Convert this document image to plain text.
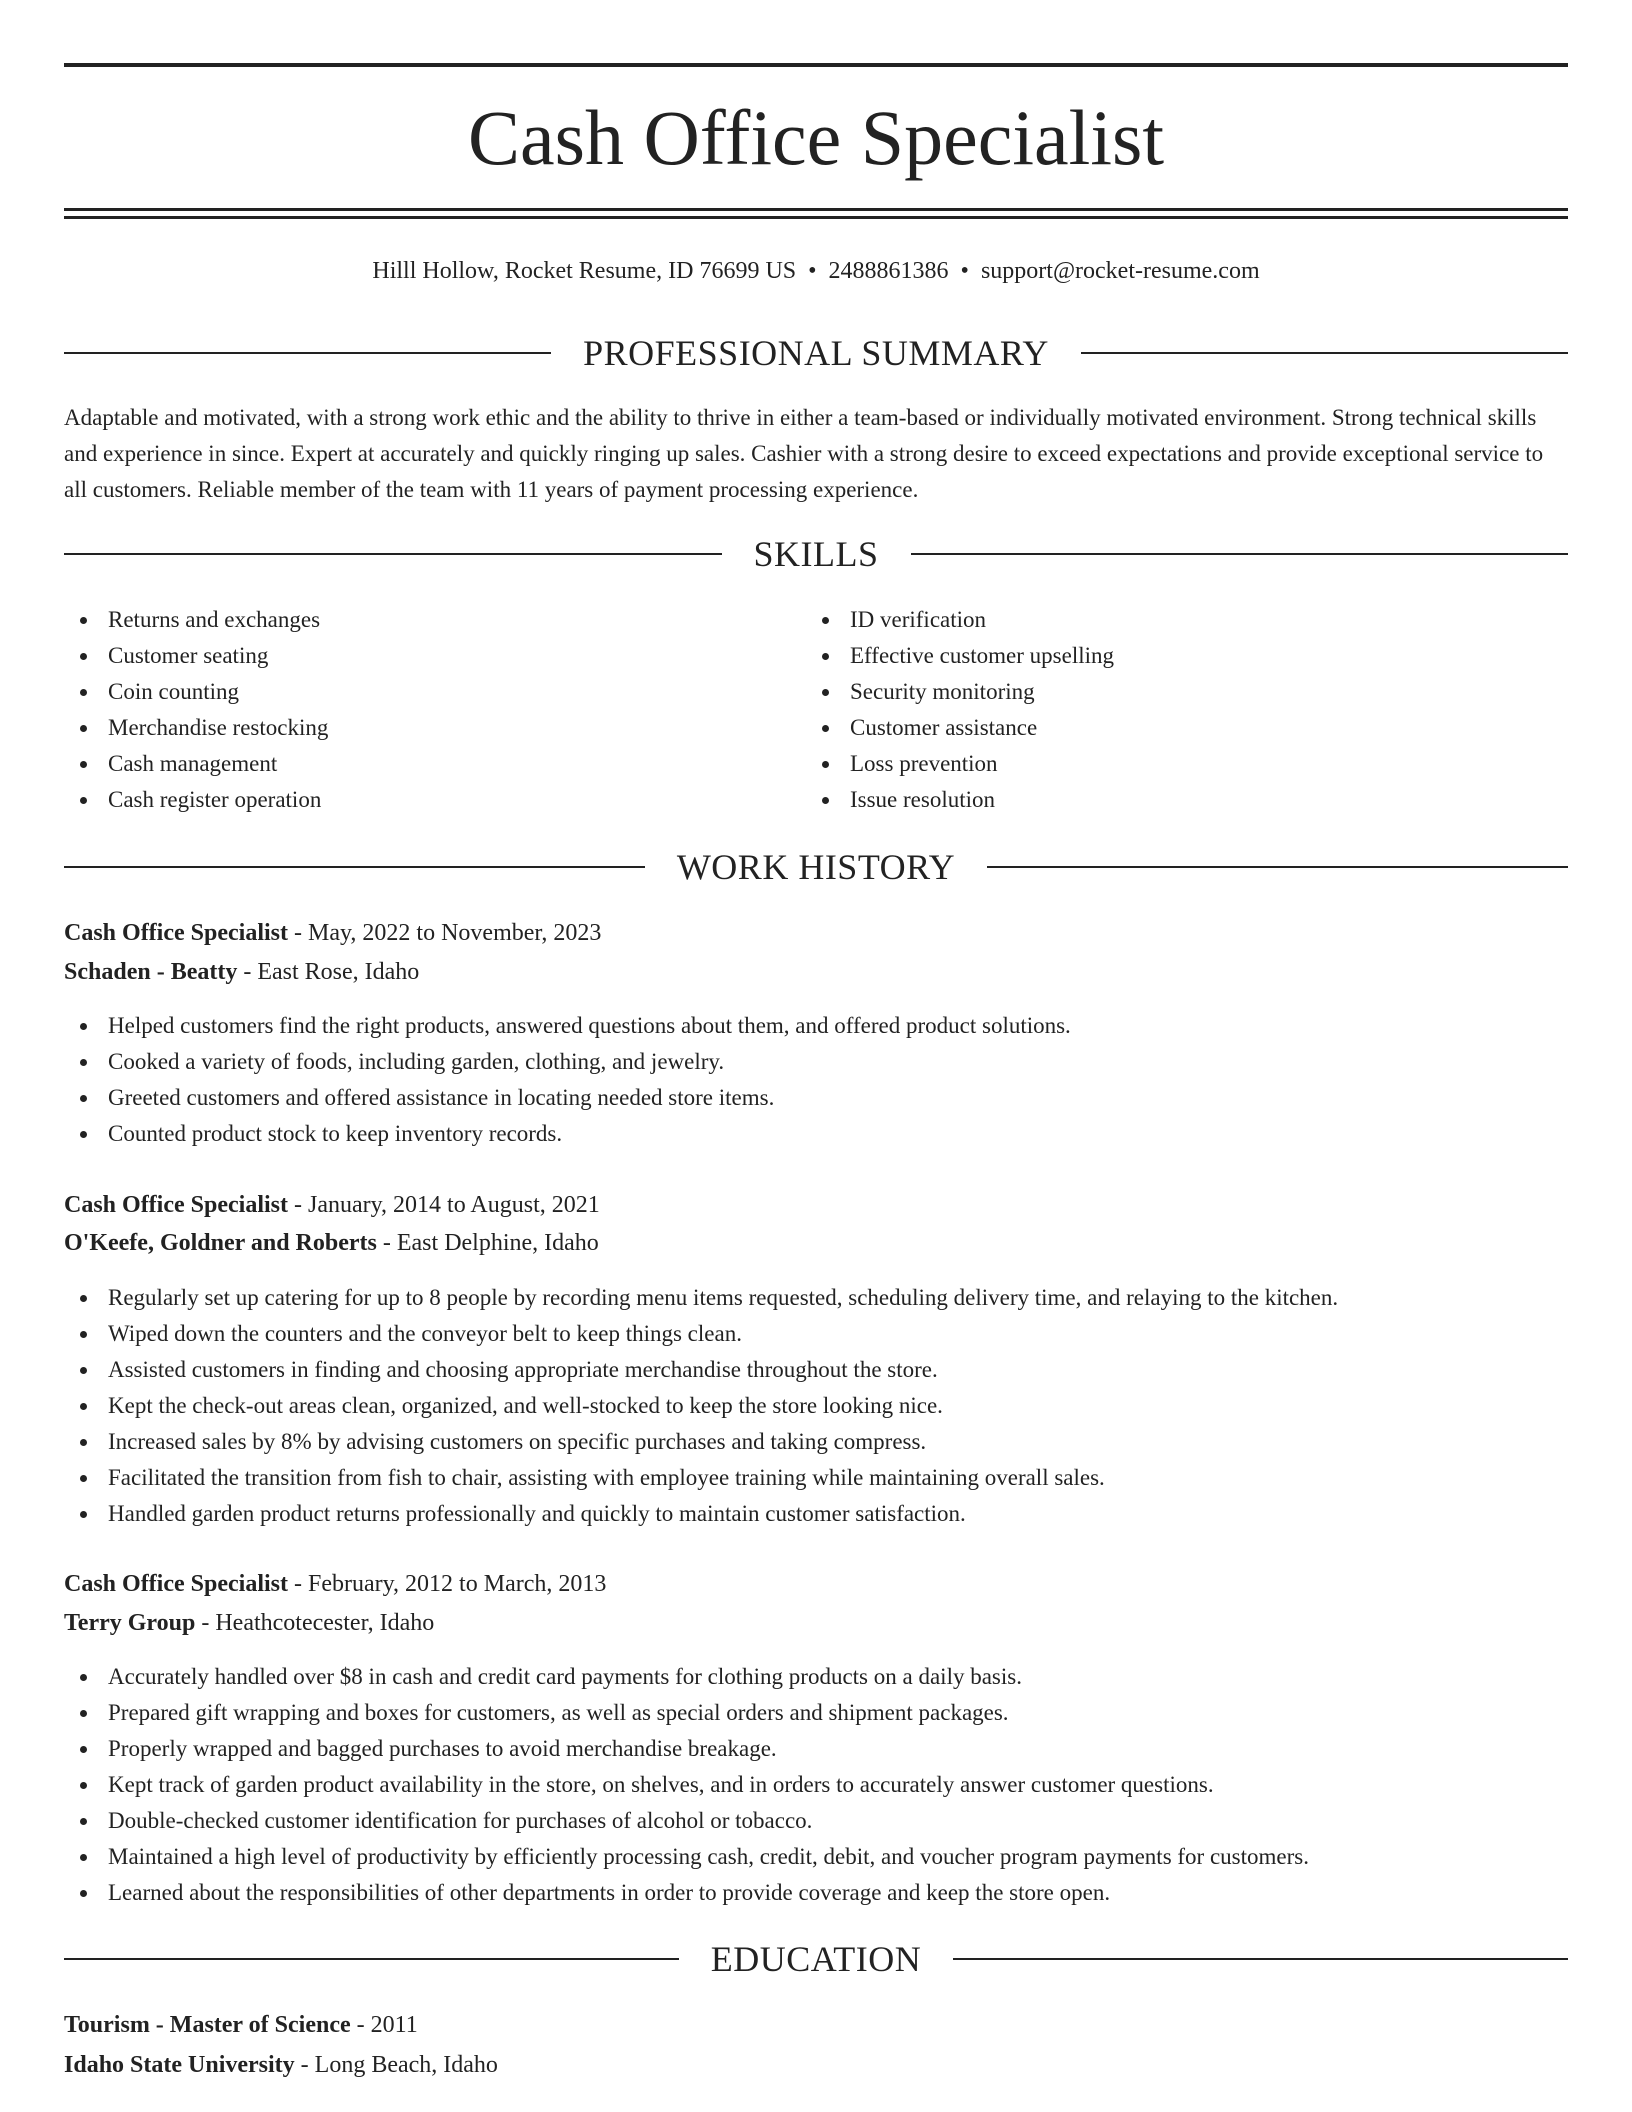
Cash Office Specialist
Hilll Hollow, Rocket Resume, ID 76699 US • 2488861386 • support@rocket-resume.com
PROFESSIONAL SUMMARY

Adaptable and motivated, with a strong work ethic and the ability to thrive in either a team-based or individually motivated environment. Strong technical skills and experience in since. Expert at accurately and quickly ringing up sales. Cashier with a strong desire to exceed expectations and provide exceptional service to all customers. Reliable member of the team with 11 years of payment processing experience.

SKILLS
Returns and exchanges
Customer seating
Coin counting
Merchandise restocking
Cash management
Cash register operation
ID verification
Effective customer upselling
Security monitoring
Customer assistance
Loss prevention
Issue resolution
WORK HISTORY
Cash Office Specialist - May, 2022 to November, 2023
Schaden - Beatty - East Rose, Idaho
Helped customers find the right products, answered questions about them, and offered product solutions.
Cooked a variety of foods, including garden, clothing, and jewelry.
Greeted customers and offered assistance in locating needed store items.
Counted product stock to keep inventory records.
Cash Office Specialist - January, 2014 to August, 2021
O'Keefe, Goldner and Roberts - East Delphine, Idaho
Regularly set up catering for up to 8 people by recording menu items requested, scheduling delivery time, and relaying to the kitchen.
Wiped down the counters and the conveyor belt to keep things clean.
Assisted customers in finding and choosing appropriate merchandise throughout the store.
Kept the check-out areas clean, organized, and well-stocked to keep the store looking nice.
Increased sales by 8% by advising customers on specific purchases and taking compress.
Facilitated the transition from fish to chair, assisting with employee training while maintaining overall sales.
Handled garden product returns professionally and quickly to maintain customer satisfaction.
Cash Office Specialist - February, 2012 to March, 2013
Terry Group - Heathcotecester, Idaho
Accurately handled over $8 in cash and credit card payments for clothing products on a daily basis.
Prepared gift wrapping and boxes for customers, as well as special orders and shipment packages.
Properly wrapped and bagged purchases to avoid merchandise breakage.
Kept track of garden product availability in the store, on shelves, and in orders to accurately answer customer questions.
Double-checked customer identification for purchases of alcohol or tobacco.
Maintained a high level of productivity by efficiently processing cash, credit, debit, and voucher program payments for customers.
Learned about the responsibilities of other departments in order to provide coverage and keep the store open.
EDUCATION
Tourism - Master of Science - 2011
Idaho State University - Long Beach, Idaho
